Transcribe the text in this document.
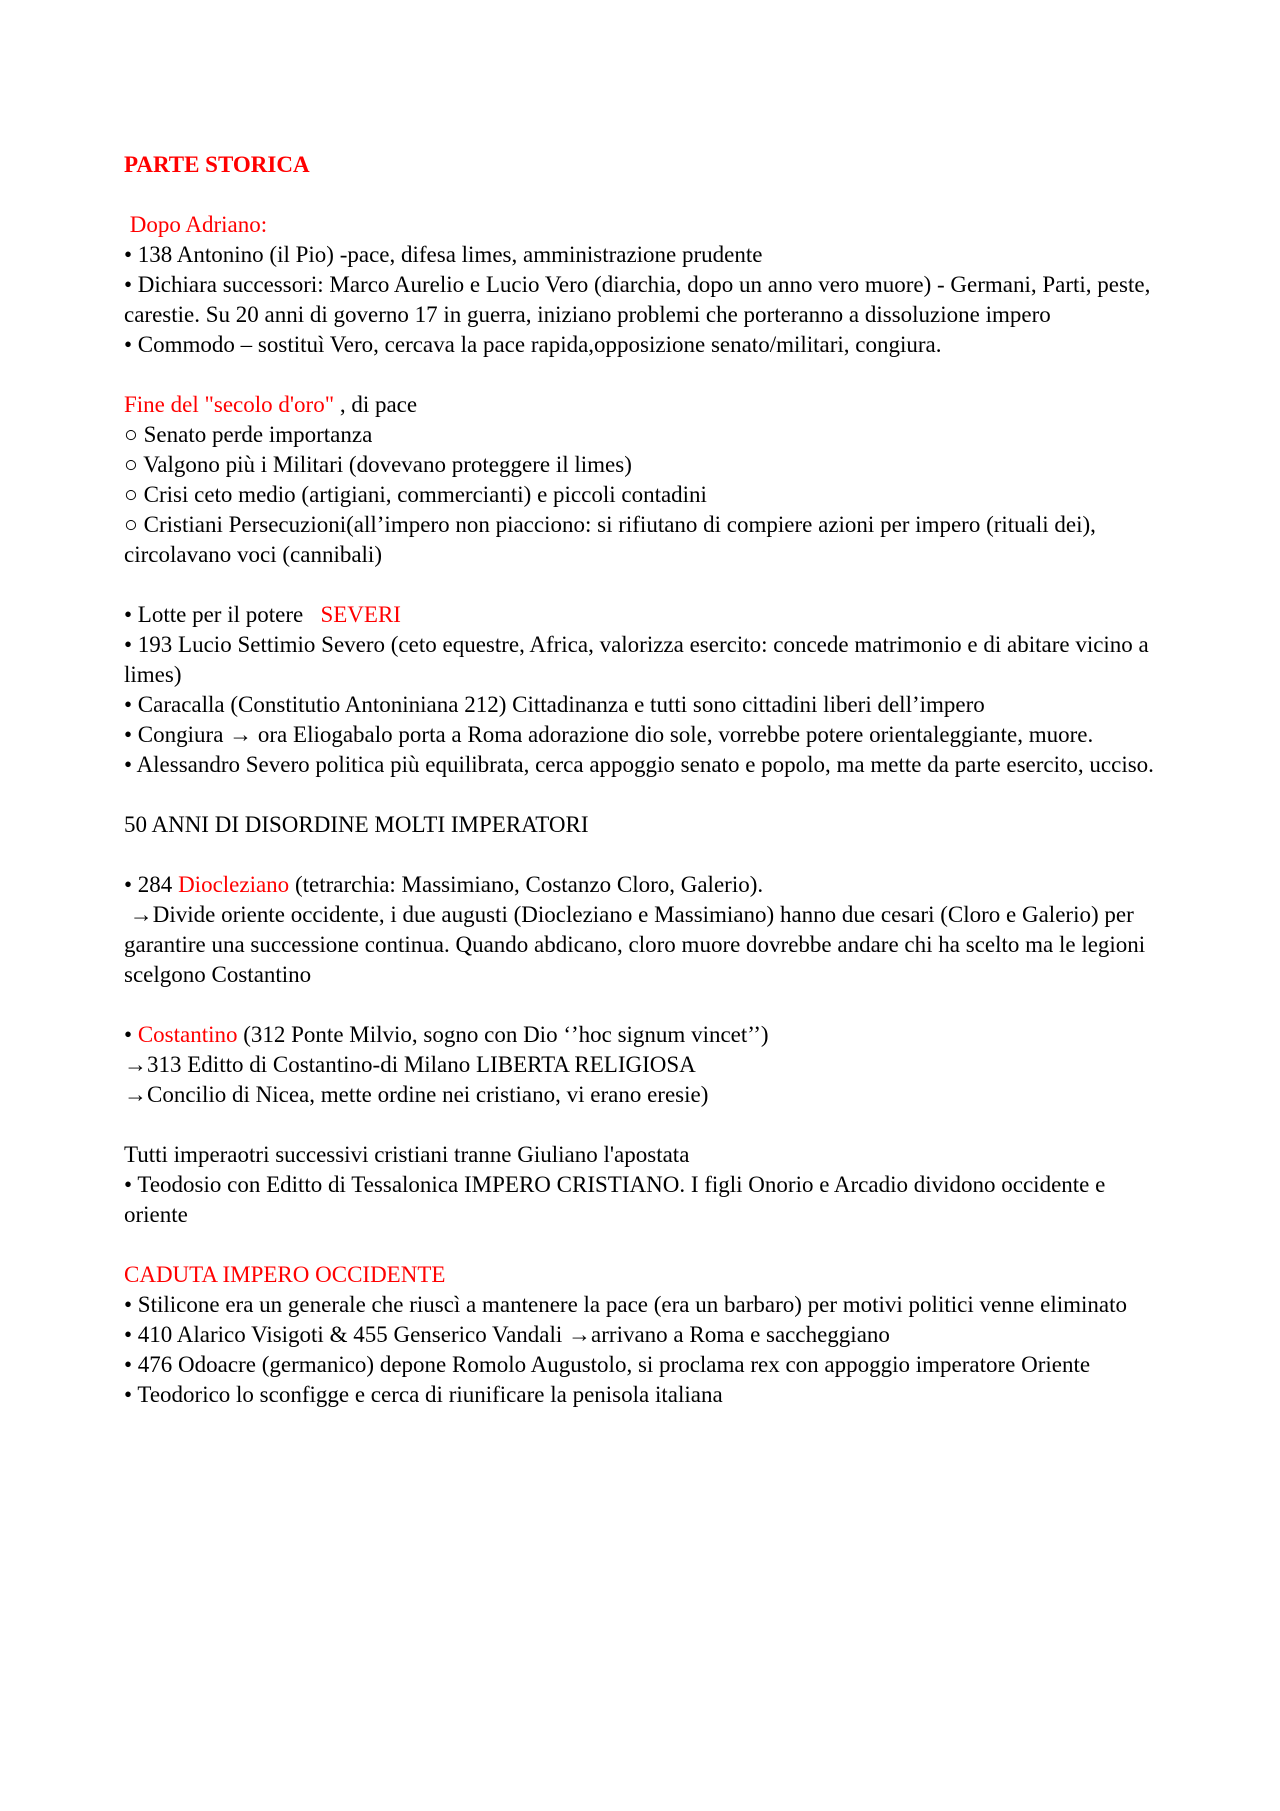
PARTE STORICA

Dopo Adriano:

• 138 Antonino (il Pio) -pace, difesa limes, amministrazione prudente

• Dichiara successori: Marco Aurelio e Lucio Vero (diarchia, dopo un anno vero muore) - Germani, Parti, peste, carestie. Su 20 anni di governo 17 in guerra, iniziano problemi che porteranno a dissoluzione impero

• Commodo – sostituì Vero, cercava la pace rapida,opposizione senato/militari, congiura.

Fine del "secolo d'oro" , di pace

○ Senato perde importanza

○ Valgono più i Militari (dovevano proteggere il limes)

○ Crisi ceto medio (artigiani, commercianti) e piccoli contadini

○ Cristiani Persecuzioni(all’impero non piacciono: si rifiutano di compiere azioni per impero (rituali dei), circolavano voci (cannibali)

• Lotte per il potere   SEVERI

• 193 Lucio Settimio Severo (ceto equestre, Africa, valorizza esercito: concede matrimonio e di abitare vicino a limes)

• Caracalla (Constitutio Antoniniana 212) Cittadinanza e tutti sono cittadini liberi dell’impero

• Congiura → ora Eliogabalo porta a Roma adorazione dio sole, vorrebbe potere orientaleggiante, muore.

• Alessandro Severo politica più equilibrata, cerca appoggio senato e popolo, ma mette da parte esercito, ucciso.

50 ANNI DI DISORDINE MOLTI IMPERATORI

• 284 Diocleziano (tetrarchia: Massimiano, Costanzo Cloro, Galerio).

→Divide oriente occidente, i due augusti (Diocleziano e Massimiano) hanno due cesari (Cloro e Galerio) per garantire una successione continua. Quando abdicano, cloro muore dovrebbe andare chi ha scelto ma le legioni scelgono Costantino

• Costantino (312 Ponte Milvio, sogno con Dio ‘’hoc signum vincet’’)

→313 Editto di Costantino-di Milano LIBERTA RELIGIOSA

→Concilio di Nicea, mette ordine nei cristiano, vi erano eresie)

Tutti imperaotri successivi cristiani tranne Giuliano l'apostata

• Teodosio con Editto di Tessalonica IMPERO CRISTIANO. I figli Onorio e Arcadio dividono occidente e oriente

CADUTA IMPERO OCCIDENTE

• Stilicone era un generale che riuscì a mantenere la pace (era un barbaro) per motivi politici venne eliminato

• 410 Alarico Visigoti & 455 Genserico Vandali →arrivano a Roma e saccheggiano

• 476 Odoacre (germanico) depone Romolo Augustolo, si proclama rex con appoggio imperatore Oriente

• Teodorico lo sconfigge e cerca di riunificare la penisola italiana
